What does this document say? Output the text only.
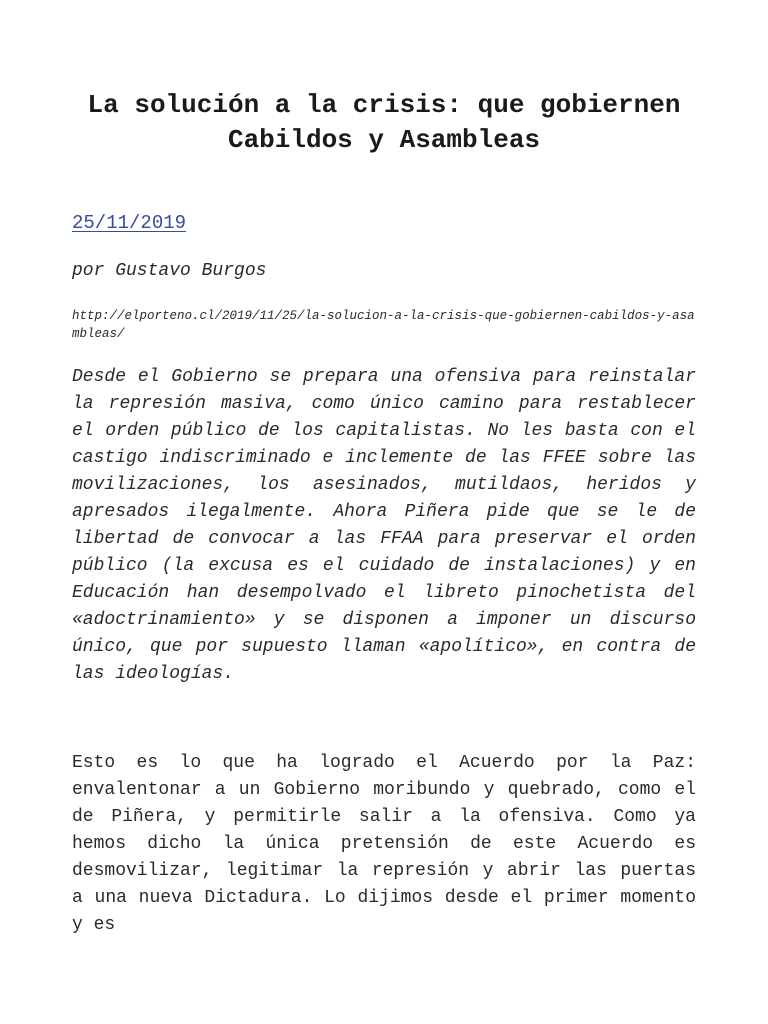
La solución a la crisis: que gobiernen Cabildos y Asambleas
25/11/2019
por Gustavo Burgos
http://elporteno.cl/2019/11/25/la-solucion-a-la-crisis-que-gobiernen-cabildos-y-asambleas/

Desde el Gobierno se prepara una ofensiva para reinstalar la represión masiva, como único camino para restablecer el orden público de los capitalistas. No les basta con el castigo indiscriminado e inclemente de las FFEE sobre las movilizaciones, los asesinados, mutildaos, heridos y apresados ilegalmente. Ahora Piñera pide que se le de libertad de convocar a las FFAA para preservar el orden público (la excusa es el cuidado de instalaciones) y en Educación han desempolvado el libreto pinochetista del «adoctrinamiento» y se disponen a imponer un discurso único, que por supuesto llaman «apolítico», en contra de las ideologías.

Esto es lo que ha logrado el Acuerdo por la Paz: envalentonar a un Gobierno moribundo y quebrado, como el de Piñera, y permitirle salir a la ofensiva. Como ya hemos dicho la única pretensión de este Acuerdo es desmovilizar, legitimar la represión y abrir las puertas a una nueva Dictadura. Lo dijimos desde el primer momento y es
